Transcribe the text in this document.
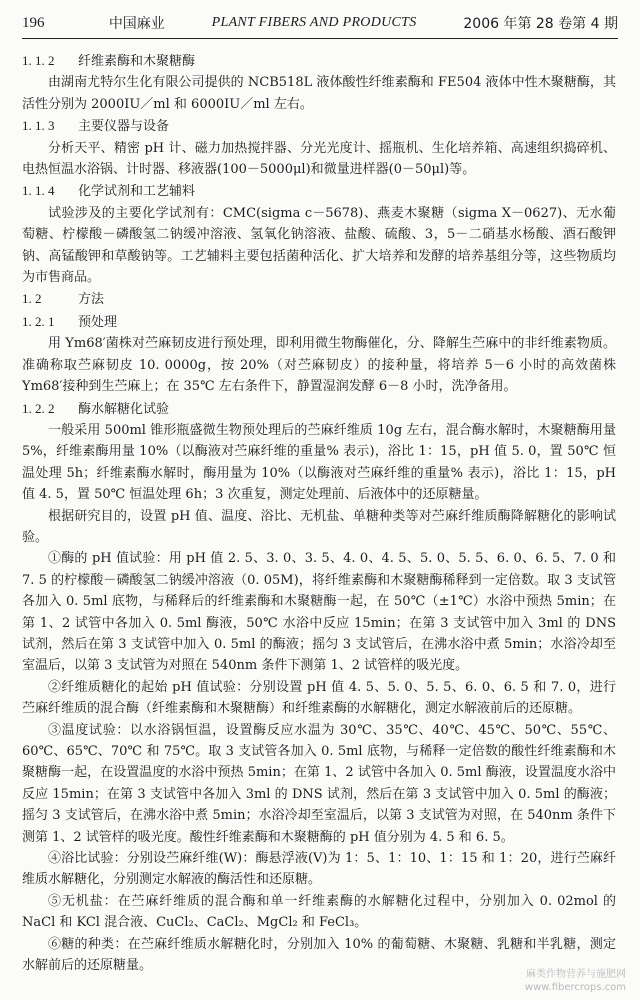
196	中国麻业	PLANT FIBERS AND PRODUCTS	2006 年第 28 卷第 4 期

1. 1. 2 纤维素酶和木聚糖酶

由湖南尤特尔生化有限公司提供的 NCB518L 液体酸性纤维素酶和 FE504 液体中性木聚糖酶，其活性分别为 2000IU／ml 和 6000IU／ml 左右。

1. 1. 3 主要仪器与设备

分析天平、精密 pH 计、磁力加热搅拌器、分光光度计、摇瓶机、生化培养箱、高速组织捣碎机、电热恒温水浴锅、计时器、移液器(100－5000μl)和微量进样器(0－50μl)等。

1. 1. 4 化学试剂和工艺辅料

试验涉及的主要化学试剂有：CMC(sigma c－5678)、燕麦木聚糖（sigma X－0627)、无水葡萄糖、柠檬酸－磷酸氢二钠缓冲溶液、氢氧化钠溶液、盐酸、硫酸、3，5－二硝基水杨酸、酒石酸钾钠、高锰酸钾和草酸钠等。工艺辅料主要包括菌种活化、扩大培养和发酵的培养基组分等，这些物质均为市售商品。

1. 2	方法

1. 2. 1 预处理

用 Ym68′菌株对苎麻韧皮进行预处理，即利用微生物酶催化，分、降解生苎麻中的非纤维素物质。准确称取苎麻韧皮 10. 0000g，按 20%（对苎麻韧皮）的接种量，将培养 5－6 小时的高效菌株 Ym68′接种到生苎麻上；在 35℃ 左右条件下，静置湿润发酵 6－8 小时，洗净备用。

1. 2. 2 酶水解糖化试验

一般采用 500ml 锥形瓶盛微生物预处理后的苎麻纤维质 10g 左右，混合酶水解时，木聚糖酶用量 5%，纤维素酶用量 10%（以酶液对苎麻纤维的重量% 表示)，浴比 1：15，pH 值 5. 0，置 50℃ 恒温处理 5h；纤维素酶水解时，酶用量为 10%（以酶液对苎麻纤维的重量% 表示)，浴比 1：15，pH 值 4. 5，置 50℃ 恒温处理 6h；3 次重复，测定处理前、后液体中的还原糖量。

根据研究目的，设置 pH 值、温度、浴比、无机盐、单糖种类等对苎麻纤维质酶降解糖化的影响试验。

①酶的 pH 值试验：用 pH 值 2. 5、3. 0、3. 5、4. 0、4. 5、5. 0、5. 5、6. 0、6. 5、7. 0 和 7. 5 的柠檬酸－磷酸氢二钠缓冲溶液（0. 05M)，将纤维素酶和木聚糖酶稀释到一定倍数。取 3 支试管各加入 0. 5ml 底物，与稀释后的纤维素酶和木聚糖酶一起，在 50℃（±1℃）水浴中预热 5min；在第 1、2 试管中各加入 0. 5ml 酶液，50℃ 水浴中反应 15min；在第 3 支试管中加入 3ml 的 DNS 试剂，然后在第 3 支试管中加入 0. 5ml 的酶液；摇匀 3 支试管后，在沸水浴中煮 5min；水浴冷却至室温后，以第 3 支试管为对照在 540nm 条件下测第 1、2 试管样的吸光度。

②纤维质糖化的起始 pH 值试验：分别设置 pH 值 4. 5、5. 0、5. 5、6. 0、6. 5 和 7. 0，进行苎麻纤维质的混合酶（纤维素酶和木聚糖酶）和纤维素酶的水解糖化，测定水解液前后的还原糖。

③温度试验：以水浴锅恒温，设置酶反应水温为 30℃、35℃、40℃、45℃、50℃、55℃、60℃、65℃、70℃ 和 75℃。取 3 支试管各加入 0. 5ml 底物，与稀释一定倍数的酸性纤维素酶和木聚糖酶一起，在设置温度的水浴中预热 5min；在第 1、2 试管中各加入 0. 5ml 酶液，设置温度水浴中反应 15min；在第 3 支试管中各加入 3ml 的 DNS 试剂，然后在第 3 支试管中加入 0. 5ml 的酶液；摇匀 3 支试管后，在沸水浴中煮 5min；水浴冷却至室温后，以第 3 支试管为对照，在 540nm 条件下测第 1、2 试管样的吸光度。酸性纤维素酶和木聚糖酶的 pH 值分别为 4. 5 和 6. 5。

④浴比试验：分别设苎麻纤维(W)：酶悬浮液(V)为 1：5、1：10、1：15 和 1：20，进行苎麻纤维质水解糖化，分别测定水解液的酶活性和还原糖。

⑤无机盐：在苎麻纤维质的混合酶和单一纤维素酶的水解糖化过程中，分别加入 0. 02mol 的 NaCl 和 KCl 混合液、CuCl₂、CaCl₂、MgCl₂ 和 FeCl₃。

⑥糖的种类：在苎麻纤维质水解糖化时，分别加入 10% 的葡萄糖、木聚糖、乳糖和半乳糖，测定水解前后的还原糖量。

麻类作物营养与施肥网
www.fibercrops.com
